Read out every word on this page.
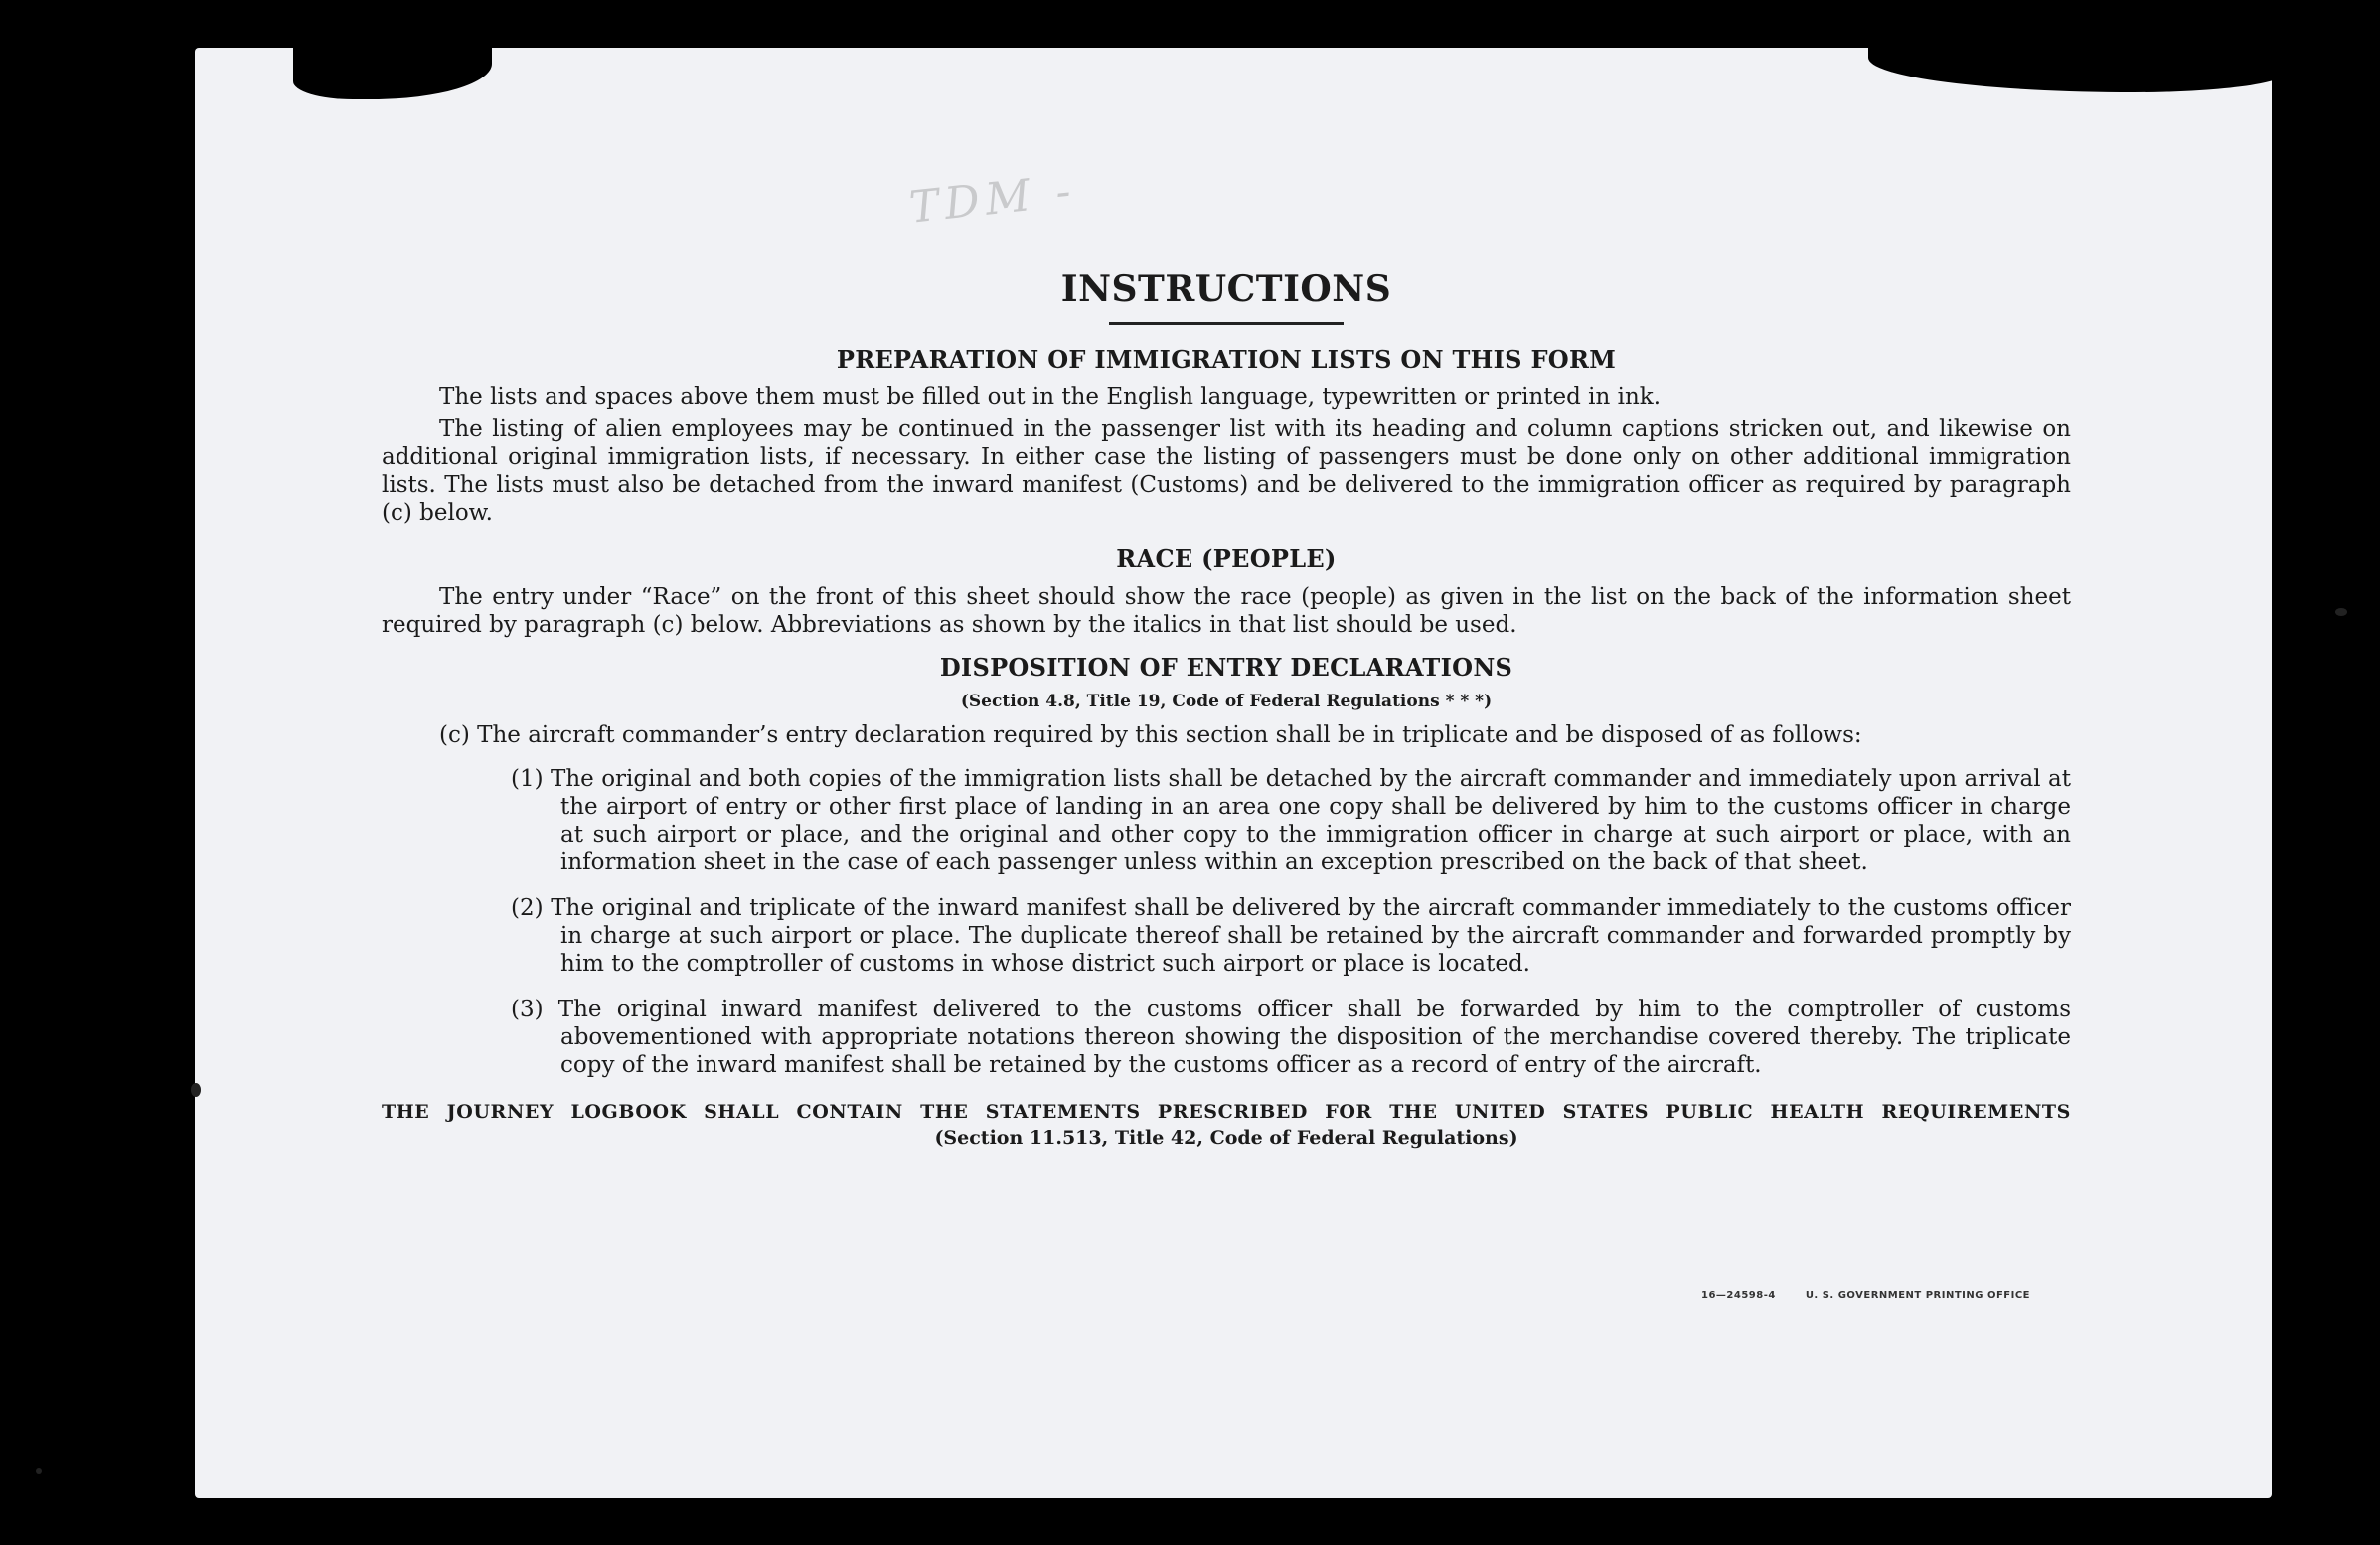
TDM -
INSTRUCTIONS
PREPARATION OF IMMIGRATION LISTS ON THIS FORM

The lists and spaces above them must be filled out in the English language, typewritten or printed in ink.

The listing of alien employees may be continued in the passenger list with its heading and column captions stricken out, and likewise on additional original immigration lists, if necessary. In either case the listing of passengers must be done only on other additional immigration lists. The lists must also be detached from the inward manifest (Customs) and be delivered to the immigration officer as required by paragraph (c) below.

RACE (PEOPLE)

The entry under “Race” on the front of this sheet should show the race (people) as given in the list on the back of the information sheet required by paragraph (c) below. Abbreviations as shown by the italics in that list should be used.

DISPOSITION OF ENTRY DECLARATIONS
(Section 4.8, Title 19, Code of Federal Regulations * * *)
(c) The aircraft commander’s entry declaration required by this section shall be in triplicate and be disposed of as follows:
(1) The original and both copies of the immigration lists shall be detached by the aircraft commander and immediately upon arrival at the airport of entry or other first place of landing in an area one copy shall be delivered by him to the customs officer in charge at such airport or place, and the original and other copy to the immigration officer in charge at such airport or place, with an information sheet in the case of each passenger unless within an exception prescribed on the back of that sheet.
(2) The original and triplicate of the inward manifest shall be delivered by the aircraft commander immediately to the customs officer in charge at such airport or place. The duplicate thereof shall be retained by the aircraft commander and forwarded promptly by him to the comptroller of customs in whose district such airport or place is located.
(3) The original inward manifest delivered to the customs officer shall be forwarded by him to the comptroller of customs abovementioned with appropriate notations thereon showing the disposition of the merchandise covered thereby. The triplicate copy of the inward manifest shall be retained by the customs officer as a record of entry of the aircraft.
THE JOURNEY LOGBOOK SHALL CONTAIN THE STATEMENTS PRESCRIBED FOR THE UNITED STATES PUBLIC HEALTH REQUIREMENTS
(Section 11.513, Title 42, Code of Federal Regulations)
16—24598-4	U. S. GOVERNMENT PRINTING OFFICE
